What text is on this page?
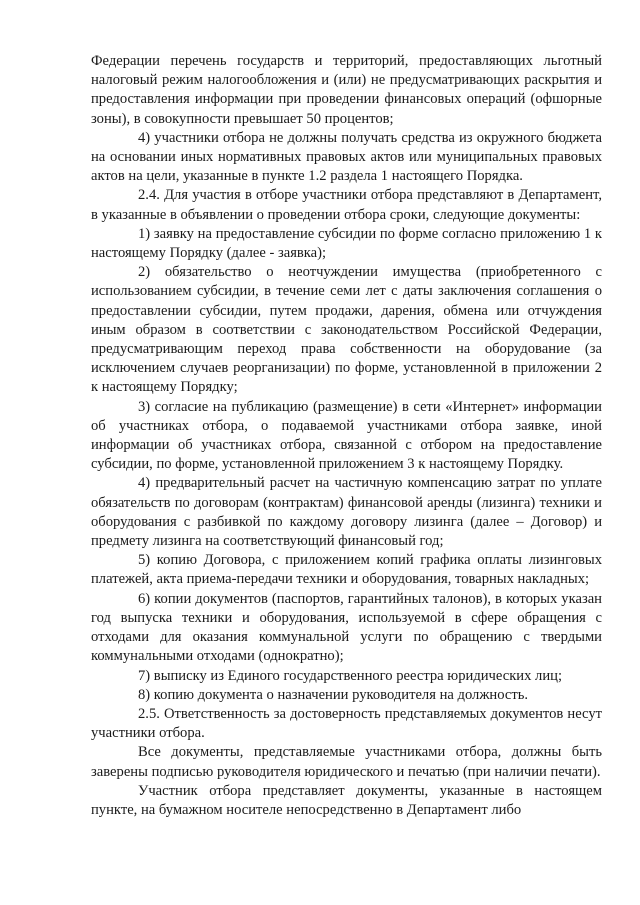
Федерации перечень государств и территорий, предоставляющих льготный налоговый режим налогообложения и (или) не предусматривающих раскрытия и предоставления информации при проведении финансовых операций (офшорные зоны), в совокупности превышает 50 процентов;

4) участники отбора не должны получать средства из окружного бюджета на основании иных нормативных правовых актов или муниципальных правовых актов на цели, указанные в пункте 1.2 раздела 1 настоящего Порядка.

2.4. Для участия в отборе участники отбора представляют в Департамент, в указанные в объявлении о проведении отбора сроки, следующие документы:

1) заявку на предоставление субсидии по форме согласно приложению 1 к настоящему Порядку (далее - заявка);

2) обязательство о неотчуждении имущества (приобретенного с использованием субсидии, в течение семи лет с даты заключения соглашения о предоставлении субсидии, путем продажи, дарения, обмена или отчуждения иным образом в соответствии с законодательством Российской Федерации, предусматривающим переход права собственности на оборудование (за исключением случаев реорганизации) по форме, установленной в приложении 2 к настоящему Порядку;

3) согласие на публикацию (размещение) в сети «Интернет» информации об участниках отбора, о подаваемой участниками отбора заявке, иной информации об участниках отбора, связанной с отбором на предоставление субсидии, по форме, установленной приложением 3 к настоящему Порядку.

4) предварительный расчет на частичную компенсацию затрат по уплате обязательств по договорам (контрактам) финансовой аренды (лизинга) техники и оборудования с разбивкой по каждому договору лизинга (далее – Договор) и предмету лизинга на соответствующий финансовый год;

5) копию Договора, с приложением копий графика оплаты лизинговых платежей, акта приема-передачи техники и оборудования, товарных накладных;

6) копии документов (паспортов, гарантийных талонов), в которых указан год выпуска техники и оборудования, используемой в сфере обращения с отходами для оказания коммунальной услуги по обращению с твердыми коммунальными отходами (однократно);

7) выписку из Единого государственного реестра юридических лиц;

8) копию документа о назначении руководителя на должность.

2.5. Ответственность за достоверность представляемых документов несут участники отбора.

Все документы, представляемые участниками отбора, должны быть заверены подписью руководителя юридического и печатью (при наличии печати).

Участник отбора представляет документы, указанные в настоящем пункте, на бумажном носителе непосредственно в Департамент либо
